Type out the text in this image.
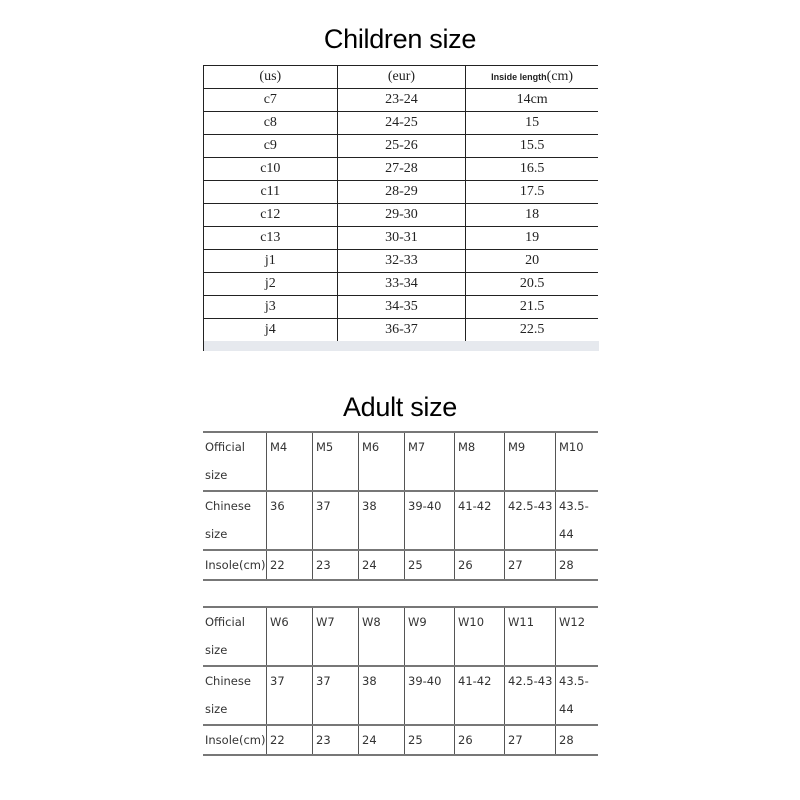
Children size
(us)	(eur)	Inside length(cm)
c7	23-24	14cm
c8	24-25	15
c9	25-26	15.5
c10	27-28	16.5
c11	28-29	17.5
c12	29-30	18
c13	30-31	19
j1	32-33	20
j2	33-34	20.5
j3	34-35	21.5
j4	36-37	22.5
Adult size
Official
size	M4	M5	M6	M7	M8	M9	M10
Chinese
size	36	37	38	39-40	41-42	42.5-43	43.5-44
Insole(cm)	22	23	24	25	26	27	28
Official
size	W6	W7	W8	W9	W10	W11	W12
Chinese
size	37	37	38	39-40	41-42	42.5-43	43.5-44
Insole(cm)	22	23	24	25	26	27	28
